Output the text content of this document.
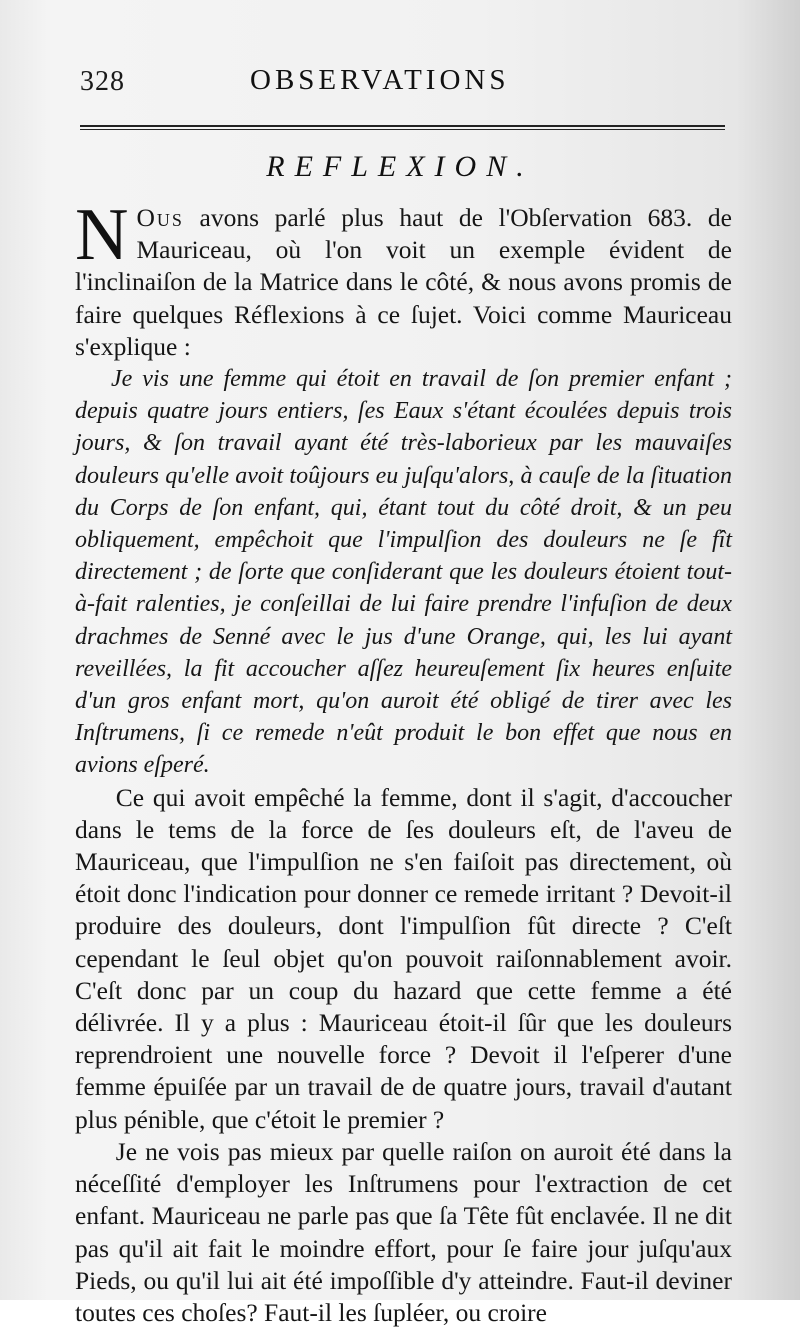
328	OBSERVATIONS
REFLEXION.

N Ous avons parlé plus haut de l'Obſervation 683. de Mauriceau, où l'on voit un exemple évident de l'inclinaiſon de la Matrice dans le côté, & nous avons promis de faire quelques Réflexions à ce ſujet. Voici comme Mauriceau s'explique :

Je vis une femme qui étoit en travail de ſon premier enfant ; depuis quatre jours entiers, ſes Eaux s'étant écoulées depuis trois jours, & ſon travail ayant été très-laborieux par les mauvaiſes douleurs qu'elle avoit toûjours eu juſqu'alors, à cauſe de la ſituation du Corps de ſon enfant, qui, étant tout du côté droit, & un peu obliquement, empêchoit que l'impulſion des douleurs ne ſe fît directement ; de ſorte que conſiderant que les douleurs étoient tout-à-fait ralenties, je conſeillai de lui faire prendre l'infuſion de deux drachmes de Senné avec le jus d'une Orange, qui, les lui ayant reveillées, la fit accoucher aſſez heureuſement ſix heures enſuite d'un gros enfant mort, qu'on auroit été obligé de tirer avec les Inſtrumens, ſi ce remede n'eût produit le bon effet que nous en avions eſperé.

Ce qui avoit empêché la femme, dont il s'agit, d'accoucher dans le tems de la force de ſes douleurs eſt, de l'aveu de Mauriceau, que l'impulſion ne s'en faiſoit pas directement, où étoit donc l'indication pour donner ce remede irritant ? Devoit-il produire des douleurs, dont l'impulſion fût directe ? C'eſt cependant le ſeul objet qu'on pouvoit raiſonnablement avoir. C'eſt donc par un coup du hazard que cette femme a été délivrée. Il y a plus : Mauriceau étoit-il ſûr que les douleurs reprendroient une nouvelle force ? Devoit il l'eſperer d'une femme épuiſée par un travail de de quatre jours, travail d'autant plus pénible, que c'étoit le premier ?

Je ne vois pas mieux par quelle raiſon on auroit été dans la néceſſité d'employer les Inſtrumens pour l'extraction de cet enfant. Mauriceau ne parle pas que ſa Tête fût enclavée. Il ne dit pas qu'il ait fait le moindre effort, pour ſe faire jour juſqu'aux Pieds, ou qu'il lui ait été impoſſible d'y atteindre. Faut-il deviner toutes ces choſes? Faut-il les ſupléer, ou croire
